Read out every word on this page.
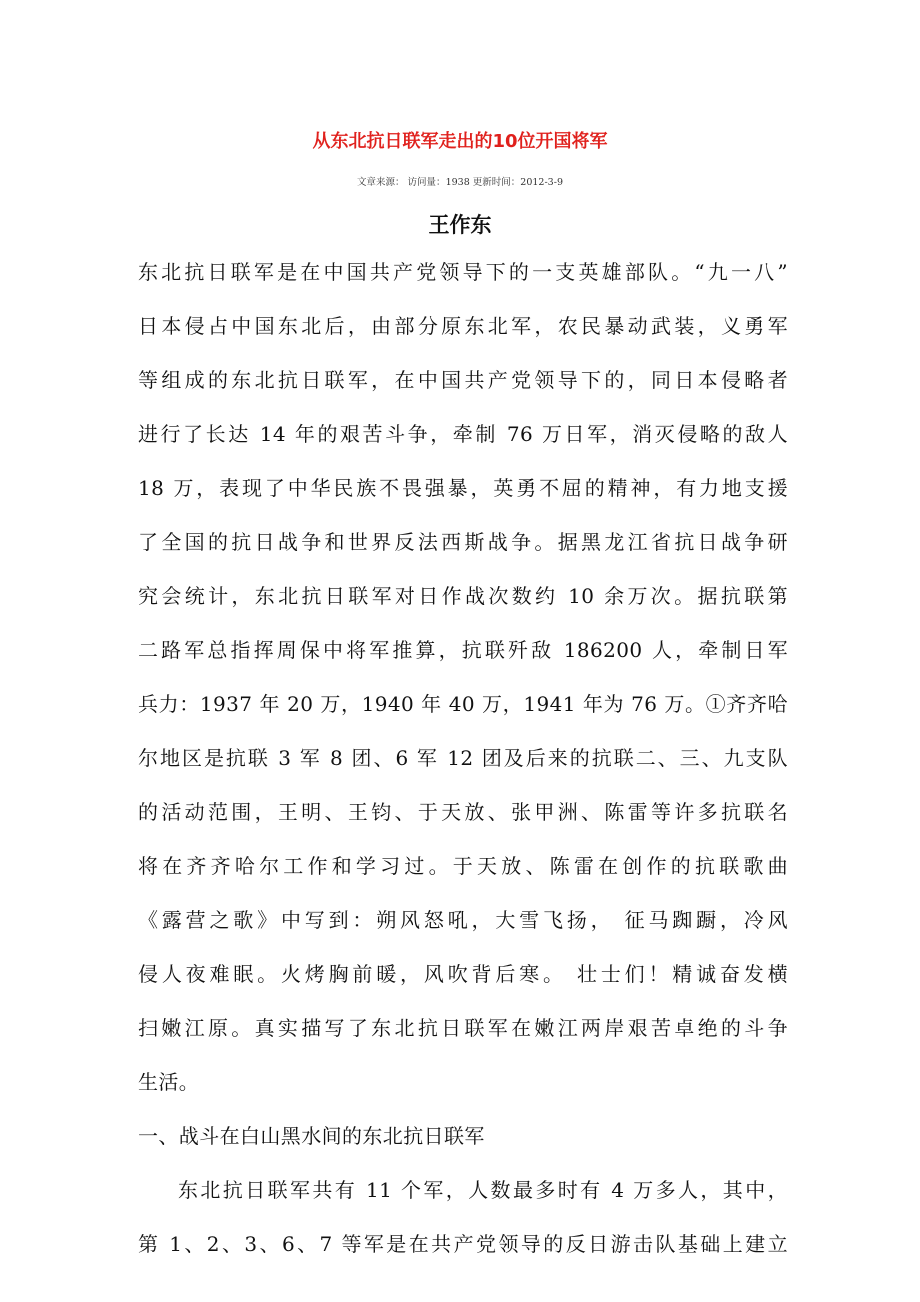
从东北抗日联军走出的10位开国将军
文章来源： 访问量：1938 更新时间：2012-3-9
王作东
东北抗日联军是在中国共产党领导下的一支英雄部队。“九一八”
日本侵占中国东北后，由部分原东北军，农民暴动武装，义勇军
等组成的东北抗日联军，在中国共产党领导下的，同日本侵略者
进行了长达 14 年的艰苦斗争，牵制 76 万日军，消灭侵略的敌人
18 万，表现了中华民族不畏强暴，英勇不屈的精神，有力地支援
了全国的抗日战争和世界反法西斯战争。据黑龙江省抗日战争研
究会统计，东北抗日联军对日作战次数约 10 余万次。据抗联第
二路军总指挥周保中将军推算，抗联歼敌 186200 人，牵制日军
兵力：1937 年 20 万，1940 年 40 万，1941 年为 76 万。①齐齐哈
尔地区是抗联 3 军 8 团、6 军 12 团及后来的抗联二、三、九支队
的活动范围，王明、王钧、于天放、张甲洲、陈雷等许多抗联名
将在齐齐哈尔工作和学习过。于天放、陈雷在创作的抗联歌曲
《露营之歌》中写到：朔风怒吼，大雪飞扬， 征马踟蹰，冷风
侵人夜难眠。火烤胸前暖，风吹背后寒。 壮士们！精诚奋发横
扫嫩江原。真实描写了东北抗日联军在嫩江两岸艰苦卓绝的斗争
生活。
一、战斗在白山黑水间的东北抗日联军
东北抗日联军共有 11 个军，人数最多时有 4 万多人，其中，
第 1、2、3、6、7 等军是在共产党领导的反日游击队基础上建立
